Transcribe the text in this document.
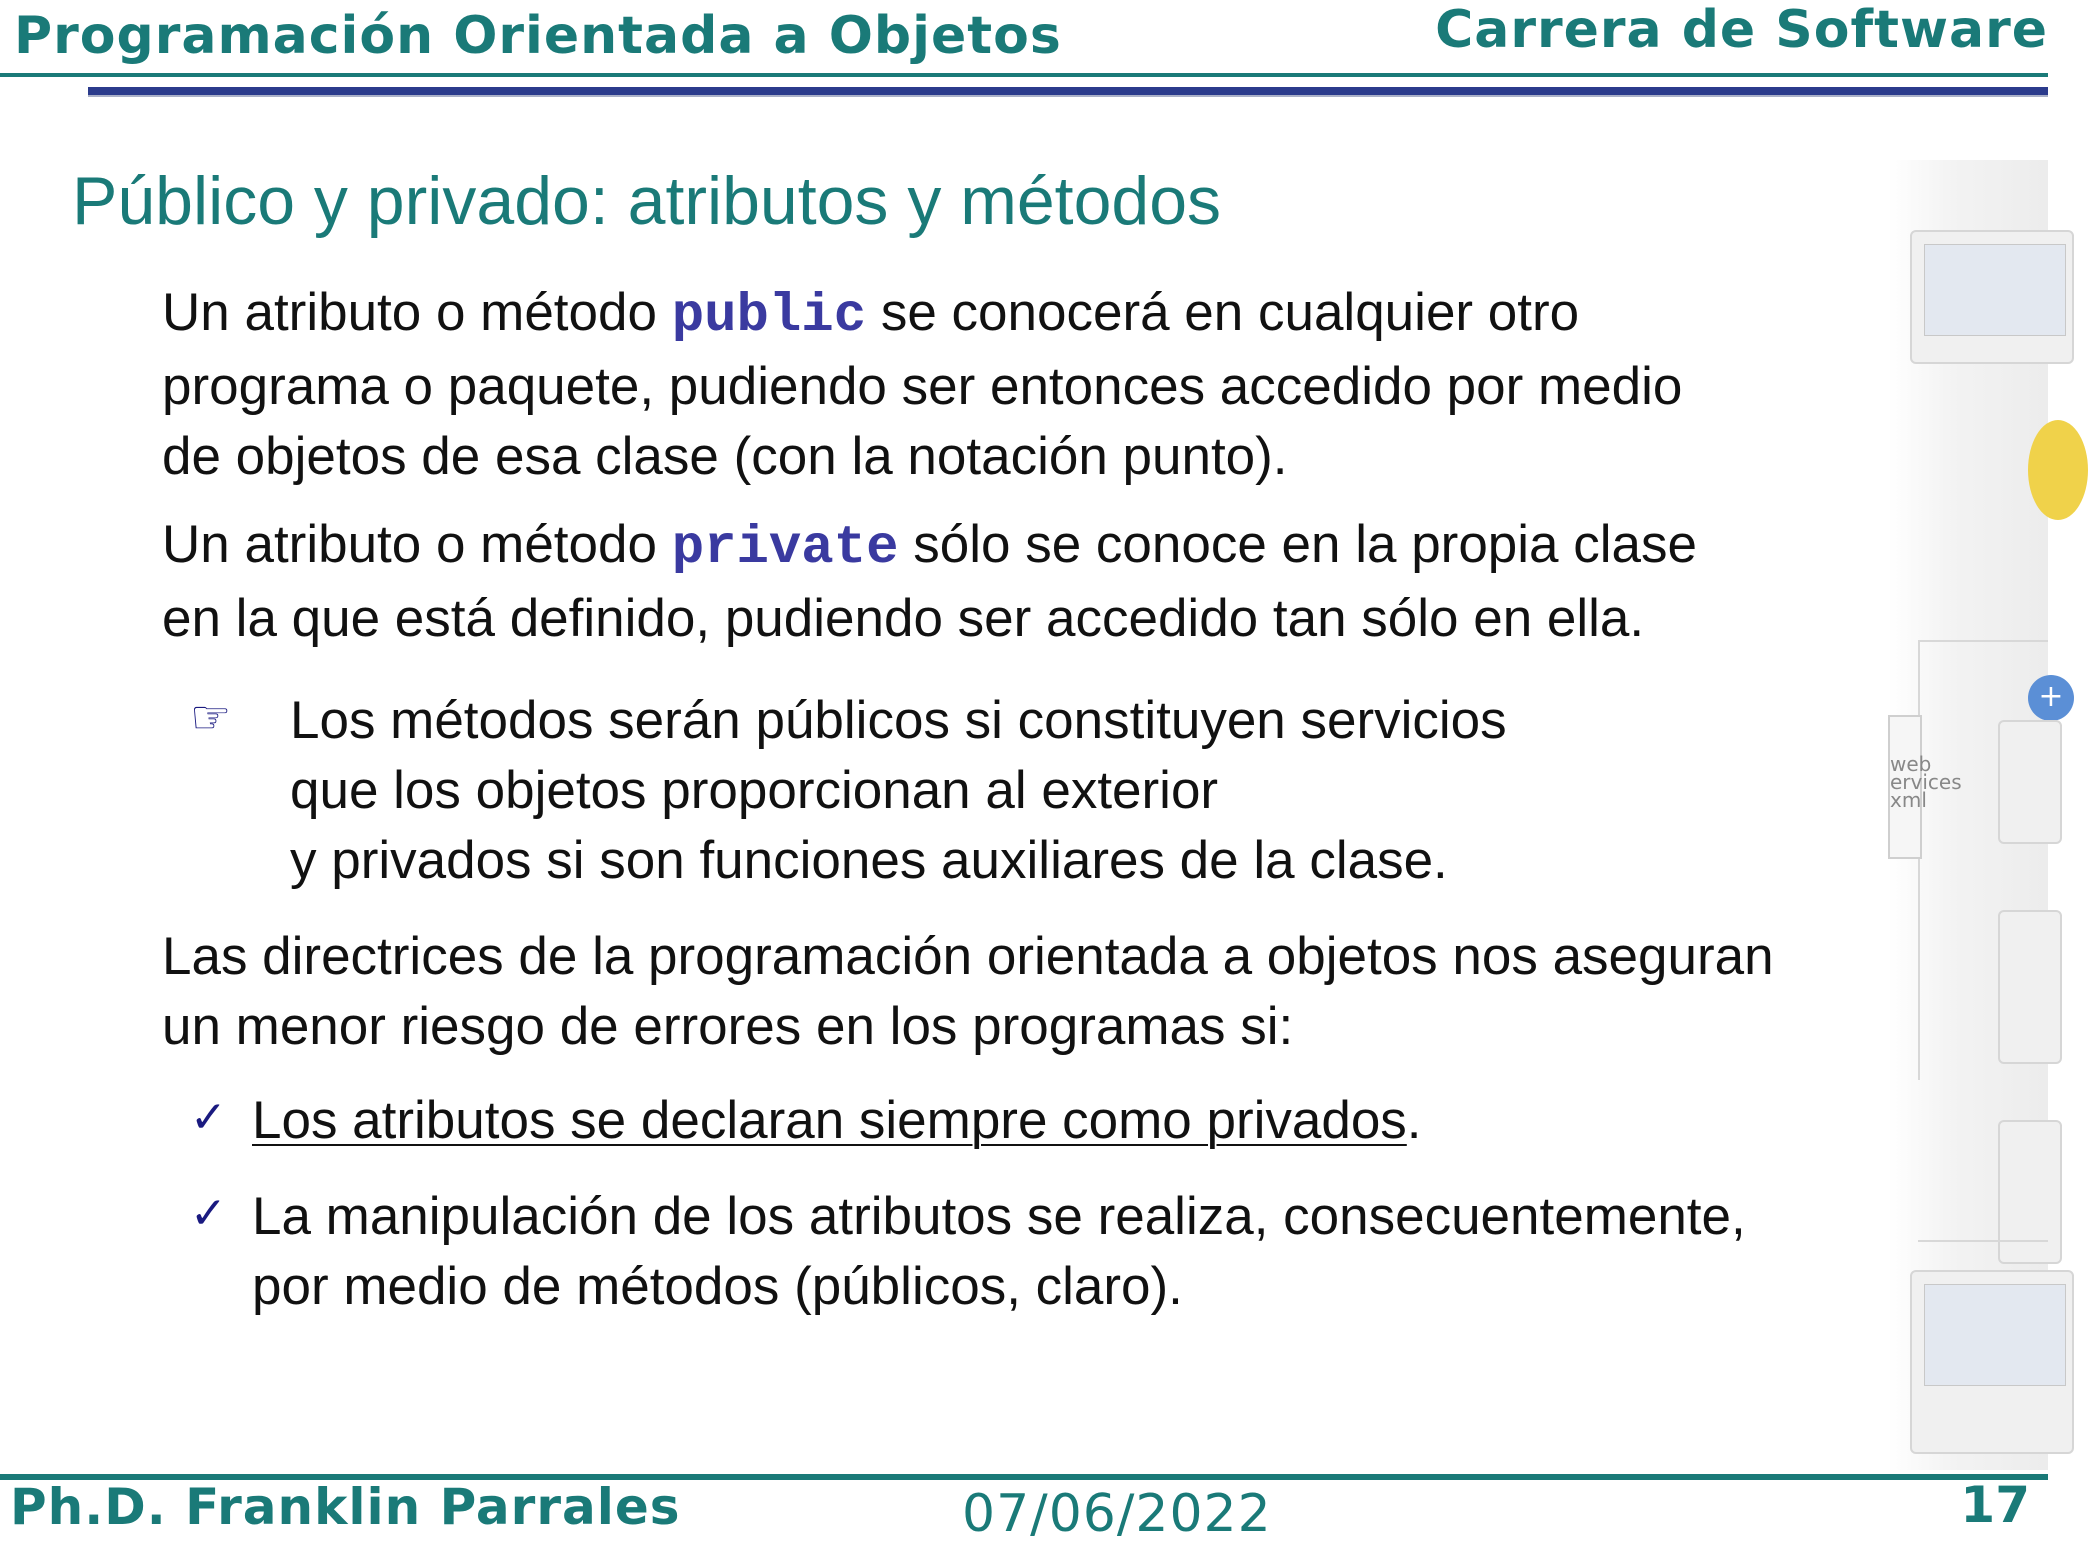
Programación Orientada a Objetos	Carrera de Software
Público y privado: atributos y métodos
Un atributo o método public se conocerá en cualquier otro
programa o paquete, pudiendo ser entonces accedido por medio
de objetos de esa clase (con la notación punto).
Un atributo o método private sólo se conoce en la propia clase
en la que está definido, pudiendo ser accedido tan sólo en ella.
☞ Los métodos serán públicos si constituyen servicios
que los objetos proporcionan al exterior
y privados si son funciones auxiliares de la clase.
Las directrices de la programación orientada a objetos nos aseguran
un menor riesgo de errores en los programas si:
✓ Los atributos se declaran siempre como privados.
✓ La manipulación de los atributos se realiza, consecuentemente,
por medio de métodos (públicos, claro).
web
ervices
xml
+
Ph.D. Franklin Parrales	07/06/2022	17
